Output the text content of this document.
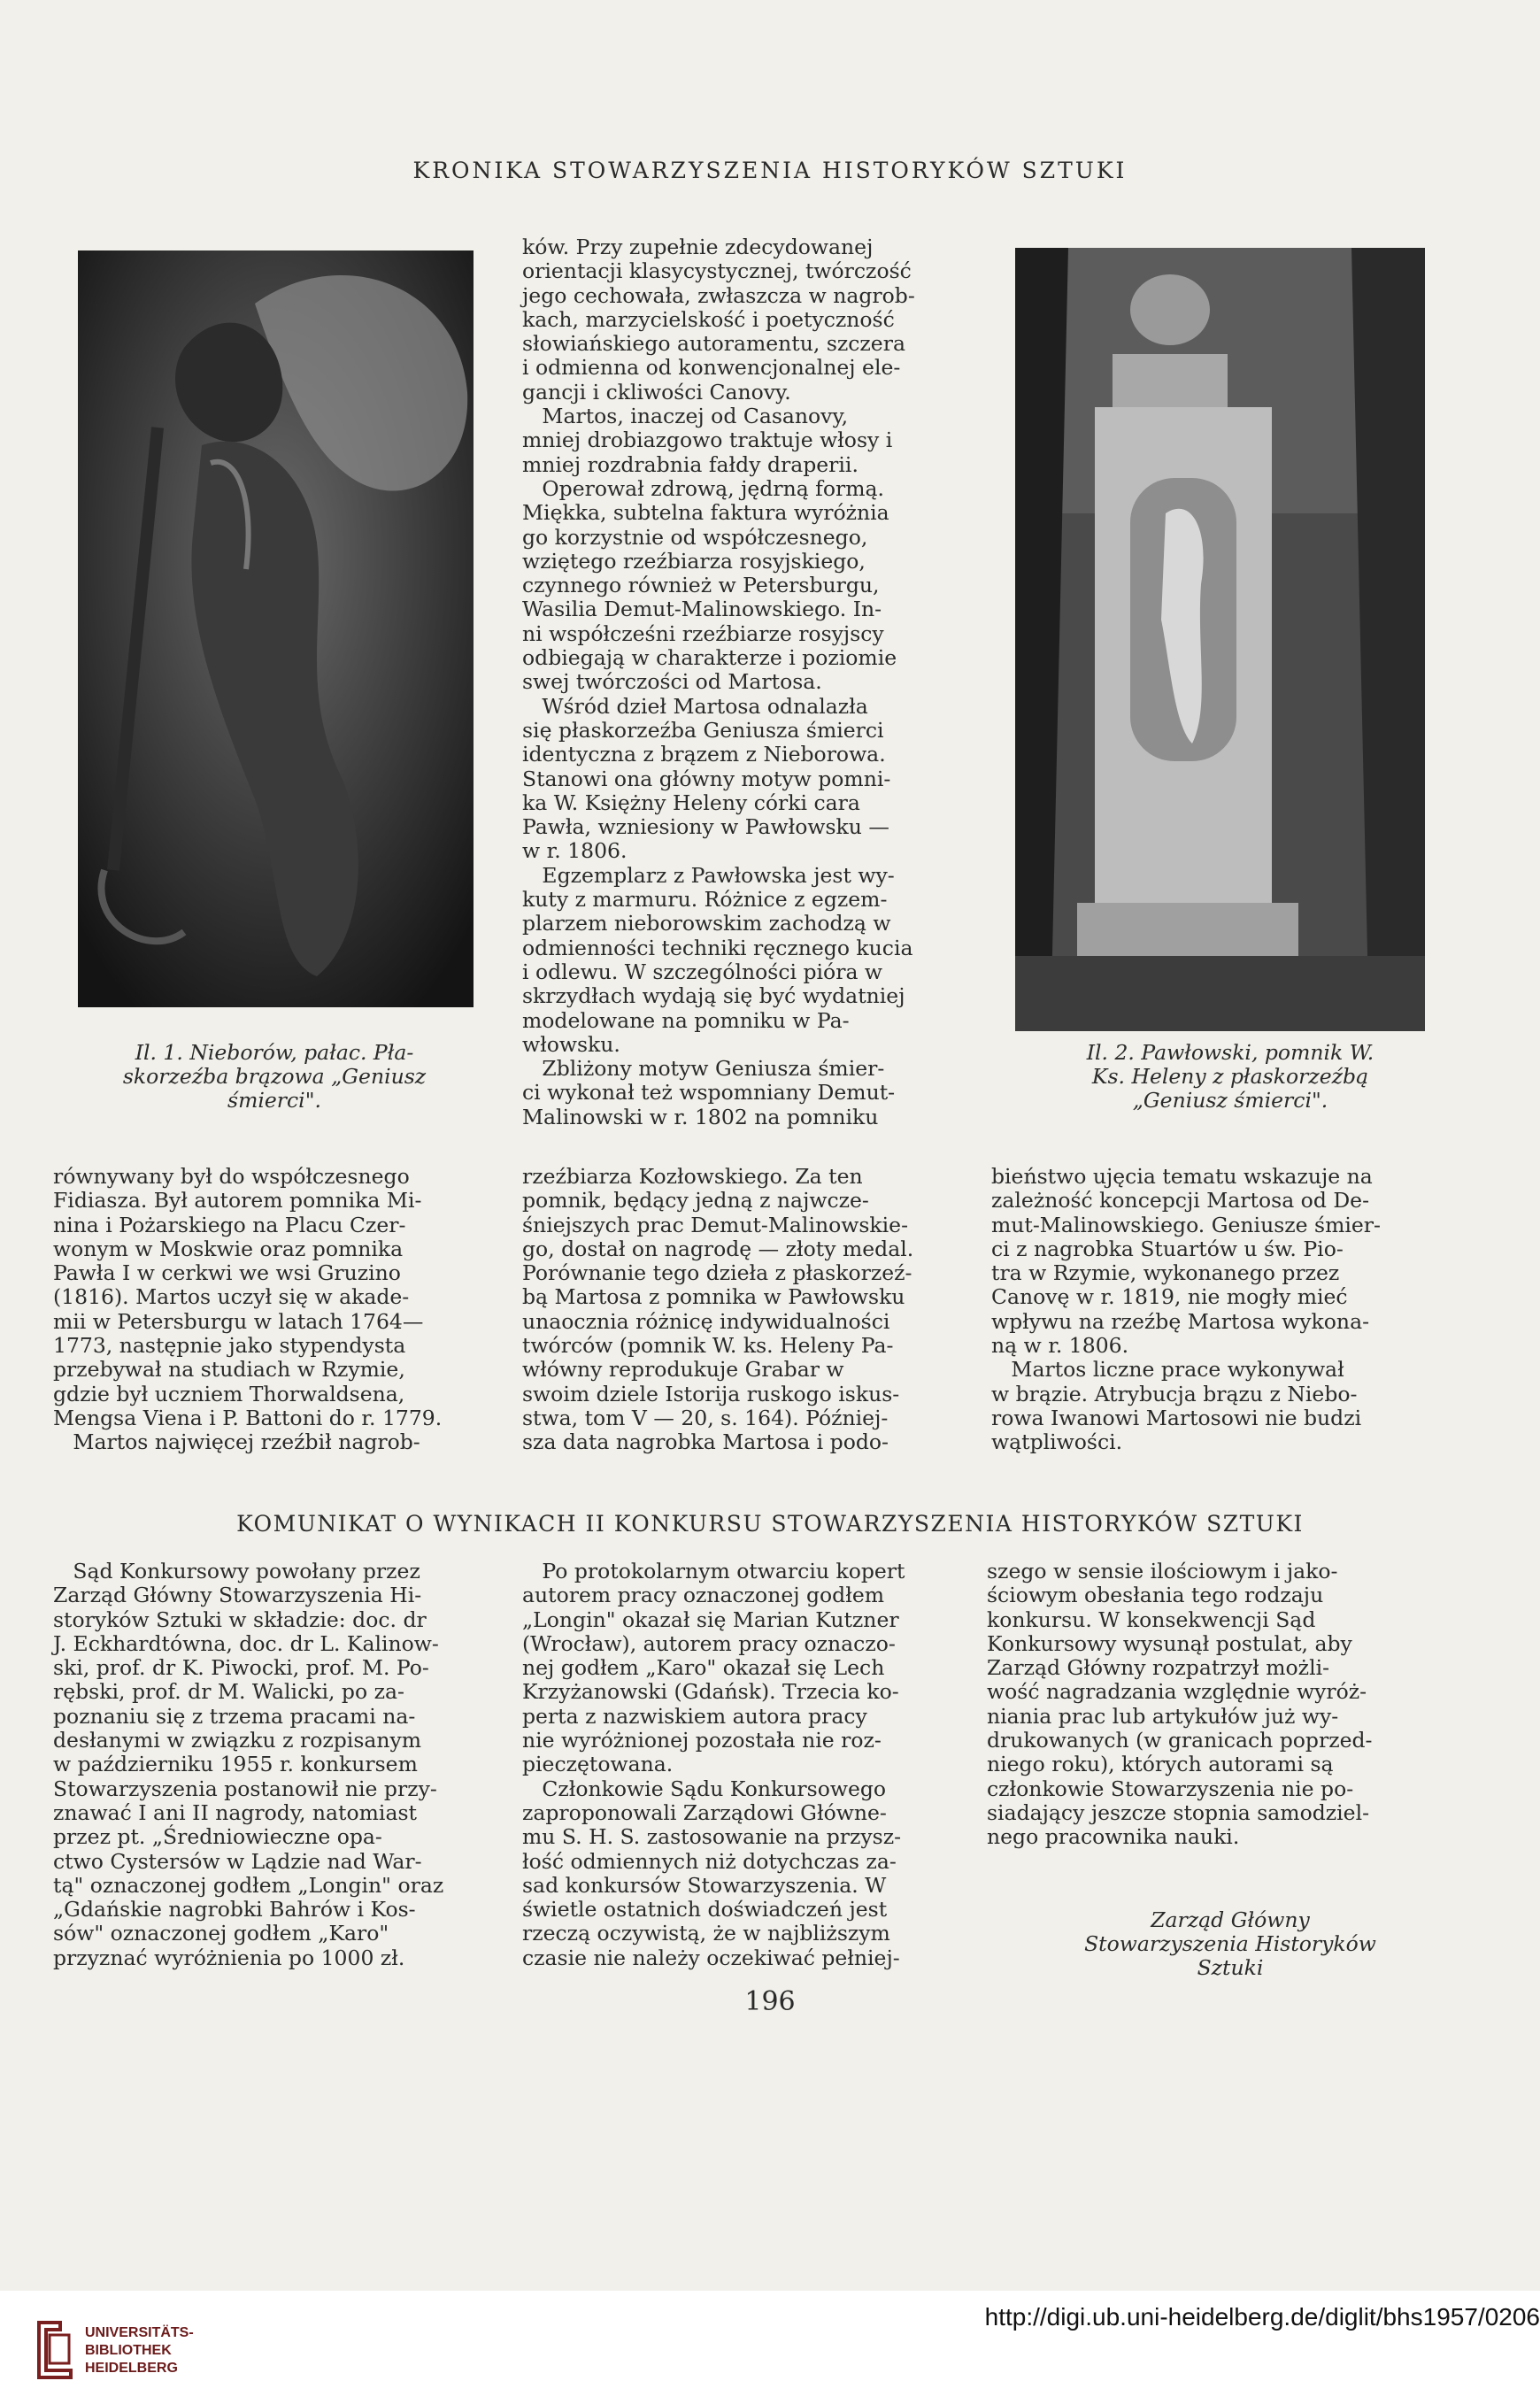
KRONIKA STOWARZYSZENIA HISTORYKÓW SZTUKI
Il. 1. Nieborów, pałac. Pła-
skorzeźba brązowa „Geniusz
śmierci".
Il. 2. Pawłowski, pomnik W.
Ks. Heleny z płaskorzeźbą
„Geniusz śmierci".
ków. Przy zupełnie zdecydowanej
orientacji klasycystycznej, twórczość
jego cechowała, zwłaszcza w nagrob-
kach, marzycielskość i poetyczność
słowiańskiego autoramentu, szczera
i odmienna od konwencjonalnej ele-
gancji i ckliwości Canovy.
Martos, inaczej od Casanovy,
mniej drobiazgowo traktuje włosy i
mniej rozdrabnia fałdy draperii.
Operował zdrową, jędrną formą.
Miękka, subtelna faktura wyróżnia
go korzystnie od współczesnego,
wziętego rzeźbiarza rosyjskiego,
czynnego również w Petersburgu,
Wasilia Demut-Malinowskiego. In-
ni współcześni rzeźbiarze rosyjscy
odbiegają w charakterze i poziomie
swej twórczości od Martosa.
Wśród dzieł Martosa odnalazła
się płaskorzeźba Geniusza śmierci
identyczna z brązem z Nieborowa.
Stanowi ona główny motyw pomni-
ka W. Księżny Heleny córki cara
Pawła, wzniesiony w Pawłowsku —
w r. 1806.
Egzemplarz z Pawłowska jest wy-
kuty z marmuru. Różnice z egzem-
plarzem nieborowskim zachodzą w
odmienności techniki ręcznego kucia
i odlewu. W szczególności pióra w
skrzydłach wydają się być wydatniej
modelowane na pomniku w Pa-
włowsku.
Zbliżony motyw Geniusza śmier-
ci wykonał też wspomniany Demut-
Malinowski w r. 1802 na pomniku
równywany był do współczesnego
Fidiasza. Był autorem pomnika Mi-
nina i Pożarskiego na Placu Czer-
wonym w Moskwie oraz pomnika
Pawła I w cerkwi we wsi Gruzino
(1816). Martos uczył się w akade-
mii w Petersburgu w latach 1764—
1773, następnie jako stypendysta
przebywał na studiach w Rzymie,
gdzie był uczniem Thorwaldsena,
Mengsa Viena i P. Battoni do r. 1779.
Martos najwięcej rzeźbił nagrob-
rzeźbiarza Kozłowskiego. Za ten
pomnik, będący jedną z najwcze-
śniejszych prac Demut-Malinowskie-
go, dostał on nagrodę — złoty medal.
Porównanie tego dzieła z płaskorzeź-
bą Martosa z pomnika w Pawłowsku
unaocznia różnicę indywidualności
twórców (pomnik W. ks. Heleny Pa-
włówny reprodukuje Grabar w
swoim dziele Istorija ruskogo iskus-
stwa, tom V — 20, s. 164). Później-
sza data nagrobka Martosa i podo-
bieństwo ujęcia tematu wskazuje na
zależność koncepcji Martosa od De-
mut-Malinowskiego. Geniusze śmier-
ci z nagrobka Stuartów u św. Pio-
tra w Rzymie, wykonanego przez
Canovę w r. 1819, nie mogły mieć
wpływu na rzeźbę Martosa wykona-
ną w r. 1806.
Martos liczne prace wykonywał
w brązie. Atrybucja brązu z Niebo-
rowa Iwanowi Martosowi nie budzi
wątpliwości.
KOMUNIKAT O WYNIKACH II KONKURSU STOWARZYSZENIA HISTORYKÓW SZTUKI
Sąd Konkursowy powołany przez
Zarząd Główny Stowarzyszenia Hi-
storyków Sztuki w składzie: doc. dr
J. Eckhardtówna, doc. dr L. Kalinow-
ski, prof. dr K. Piwocki, prof. M. Po-
rębski, prof. dr M. Walicki, po za-
poznaniu się z trzema pracami na-
desłanymi w związku z rozpisanym
w październiku 1955 r. konkursem
Stowarzyszenia postanowił nie przy-
znawać I ani II nagrody, natomiast
przez pt. „Średniowieczne opa-
ctwo Cystersów w Lądzie nad War-
tą" oznaczonej godłem „Longin" oraz
„Gdańskie nagrobki Bahrów i Kos-
sów" oznaczonej godłem „Karo"
przyznać wyróżnienia po 1000 zł.
Po protokolarnym otwarciu kopert
autorem pracy oznaczonej godłem
„Longin" okazał się Marian Kutzner
(Wrocław), autorem pracy oznaczo-
nej godłem „Karo" okazał się Lech
Krzyżanowski (Gdańsk). Trzecia ko-
perta z nazwiskiem autora pracy
nie wyróżnionej pozostała nie roz-
pieczętowana.
Członkowie Sądu Konkursowego
zaproponowali Zarządowi Główne-
mu S. H. S. zastosowanie na przysz-
łość odmiennych niż dotychczas za-
sad konkursów Stowarzyszenia. W
świetle ostatnich doświadczeń jest
rzeczą oczywistą, że w najbliższym
czasie nie należy oczekiwać pełniej-
szego w sensie ilościowym i jako-
ściowym obesłania tego rodzaju
konkursu. W konsekwencji Sąd
Konkursowy wysunął postulat, aby
Zarząd Główny rozpatrzył możli-
wość nagradzania względnie wyróż-
niania prac lub artykułów już wy-
drukowanych (w granicach poprzed-
niego roku), których autorami są
członkowie Stowarzyszenia nie po-
siadający jeszcze stopnia samodziel-
nego pracownika nauki.
Zarząd Główny
Stowarzyszenia Historyków
Sztuki
196
UNIVERSITÄTS-
BIBLIOTHEK
HEIDELBERG
http://digi.ub.uni-heidelberg.de/diglit/bhs1957/0206
